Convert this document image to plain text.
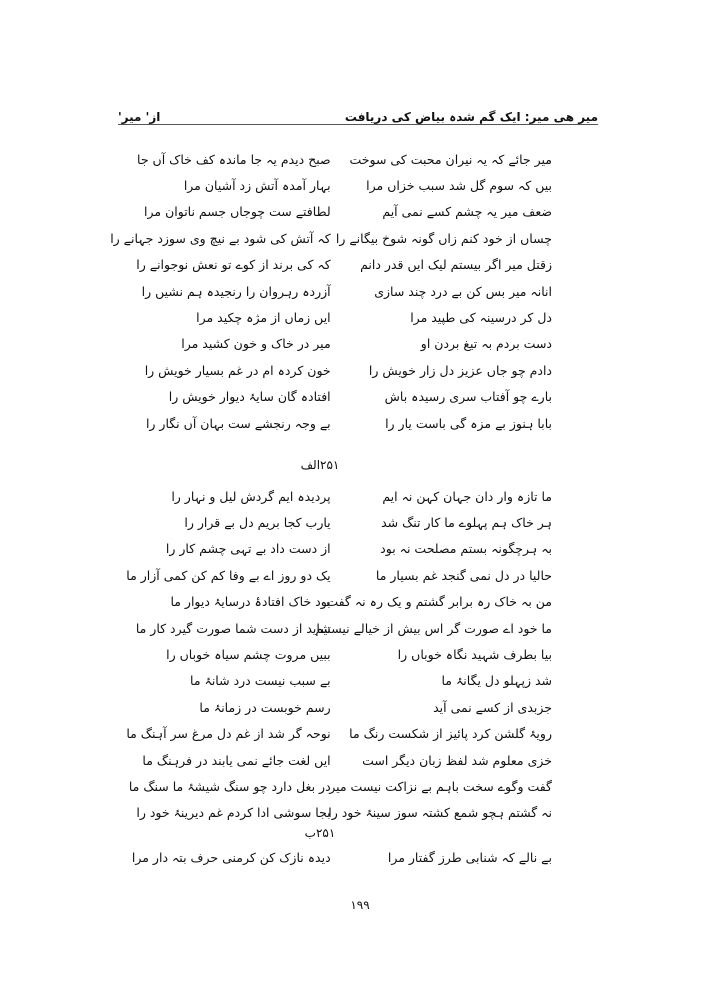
میر ھی میر: ایک گم شدہ بیاض کی دریافت
از' میر'
میر جائے کہ یہ نیران محبت کی سوخت
صبح دیدم یہ جا ماندہ کف خاک آں جا
بیں کہ سوم گل شد سبب خزاں مرا
بہار آمدہ آتش زد آشیان مرا
ضعف میر یہ چشم کسے نمی آیم
لطافتے ست چوجاں جسم ناتوان مرا
چساں از خود کنم زاں گونہ شوخ بیگانے را
کہ آتش کی شود بے نیچ وی سوزد جہانے را
زقتل میر اگر بیستم لیک ایں قدر دانم
کہ کی برند از کوے تو نعش نوجوانے را
انانہ میر بس کن بے درد چند سازی
آزردہ رہروان را رنجیدہ ہم نشیں را
دل کر درسینہ کی طپید مرا
ایں زماں از مژہ چکید مرا
دست بردم بہ تیغ بردن او
میر در خاک و خون کشید مرا
دادم چو جاں عزیز دل زار خویش را
خون کردہ ام در غم بسیار خویش را
بارے چو آفتاب سری رسیدہ باش
افتادہ گان سایۂ دیوار خویش را
بابا ہنوز بے مزہ گی باست یار را
بے وجہ رنجشے ست بہان آں نگار را
۲۵۱الف
ما تازہ وار دان جہان کہن نہ ایم
پردیدہ ایم گردش لیل و نہار را
ہر خاک ہم پہلوے ما کار تنگ شد
یارب کجا بریم دل بے قرار را
بہ ہرچگونہ بستم مصلحت نہ بود
از دست داد بے تہی چشم کار را
حالیا در دل نمی گنجد غم بسیار ما
یک دو روز اے بے وفا کم کن کمی آزار ما
من بہ خاک رہ برابر گشتم و یک رہ نہ گفت
بود خاک افتادۂ درسایۂ دیوار ما
ما خود اے صورت گر اس بیش از خیالے نیستیم
شاید از دست شما صورت گیرد کار ما
بیا بطرف شہید نگاہ خوباں را
ببیں مروت چشم سیاہ خوباں را
شد زپہلو دل یگانۂ ما
بے سبب نیست درد شانۂ ما
جزبدی از کسے نمی آید
رسم خوبست در زمانۂ ما
رویۂ گلشن کرد پائیز از شکست رنگ ما
نوحہ گر شد از غم دل مرغ سر آہنگ ما
خزی معلوم شد لفظ زبان دیگر است
ایں لغت جائے نمی یابند در فرہنگ ما
گفت وگوے سخت باہم بے نزاکت نیست میر
در بغل دارد چو سنگ شیشۂ ما سنگ ما
نہ گشتم ہچو شمع کشتہ سوز سینۂ خود را
بجا سوشی ادا کردم غم دیرینۂ خود را
۲۵۱ب
بے نالے کہ شنابی طرز گفتار مرا
دیدہ نازک کن کرمنی حرف بتہ دار مرا
۱۹۹
